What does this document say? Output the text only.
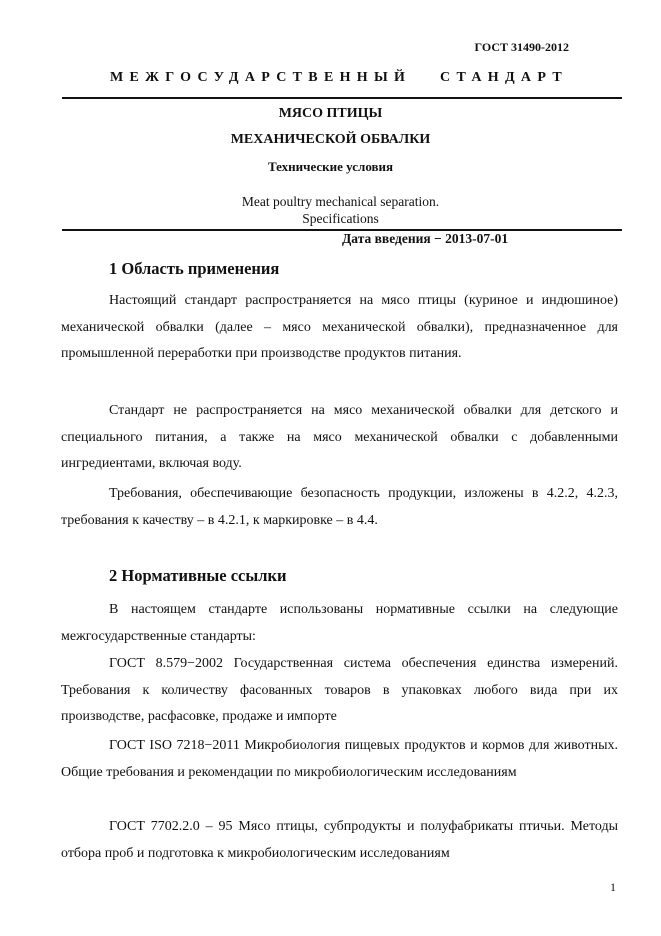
ГОСТ 31490-2012
МЕЖГОСУДАРСТВЕННЫЙ СТАНДАРТ
МЯСО ПТИЦЫ
МЕХАНИЧЕСКОЙ ОБВАЛКИ
Технические условия
Meat poultry mechanical separation.
Specifications
Дата введения − 2013-07-01
1 Область применения
Настоящий стандарт распространяется на мясо птицы (куриное и индюшиное) механической обвалки (далее – мясо механической обвалки), предназначенное для промышленной переработки при производстве продуктов питания.
Стандарт не распространяется на мясо механической обвалки для детского и специального питания, а также на мясо механической обвалки с добавленными ингредиентами, включая воду.
Требования, обеспечивающие безопасность продукции, изложены в 4.2.2, 4.2.3, требования к качеству – в 4.2.1, к маркировке – в 4.4.
2 Нормативные ссылки
В настоящем стандарте использованы нормативные ссылки на следующие межгосударственные стандарты:
ГОСТ 8.579−2002 Государственная система обеспечения единства измерений. Требования к количеству фасованных товаров в упаковках любого вида при их производстве, расфасовке, продаже и импорте
ГОСТ ISO 7218−2011 Микробиология пищевых продуктов и кормов для животных. Общие требования и рекомендации по микробиологическим исследованиям
ГОСТ 7702.2.0 – 95 Мясо птицы, субпродукты и полуфабрикаты птичьи. Методы отбора проб и подготовка к микробиологическим исследованиям
1
